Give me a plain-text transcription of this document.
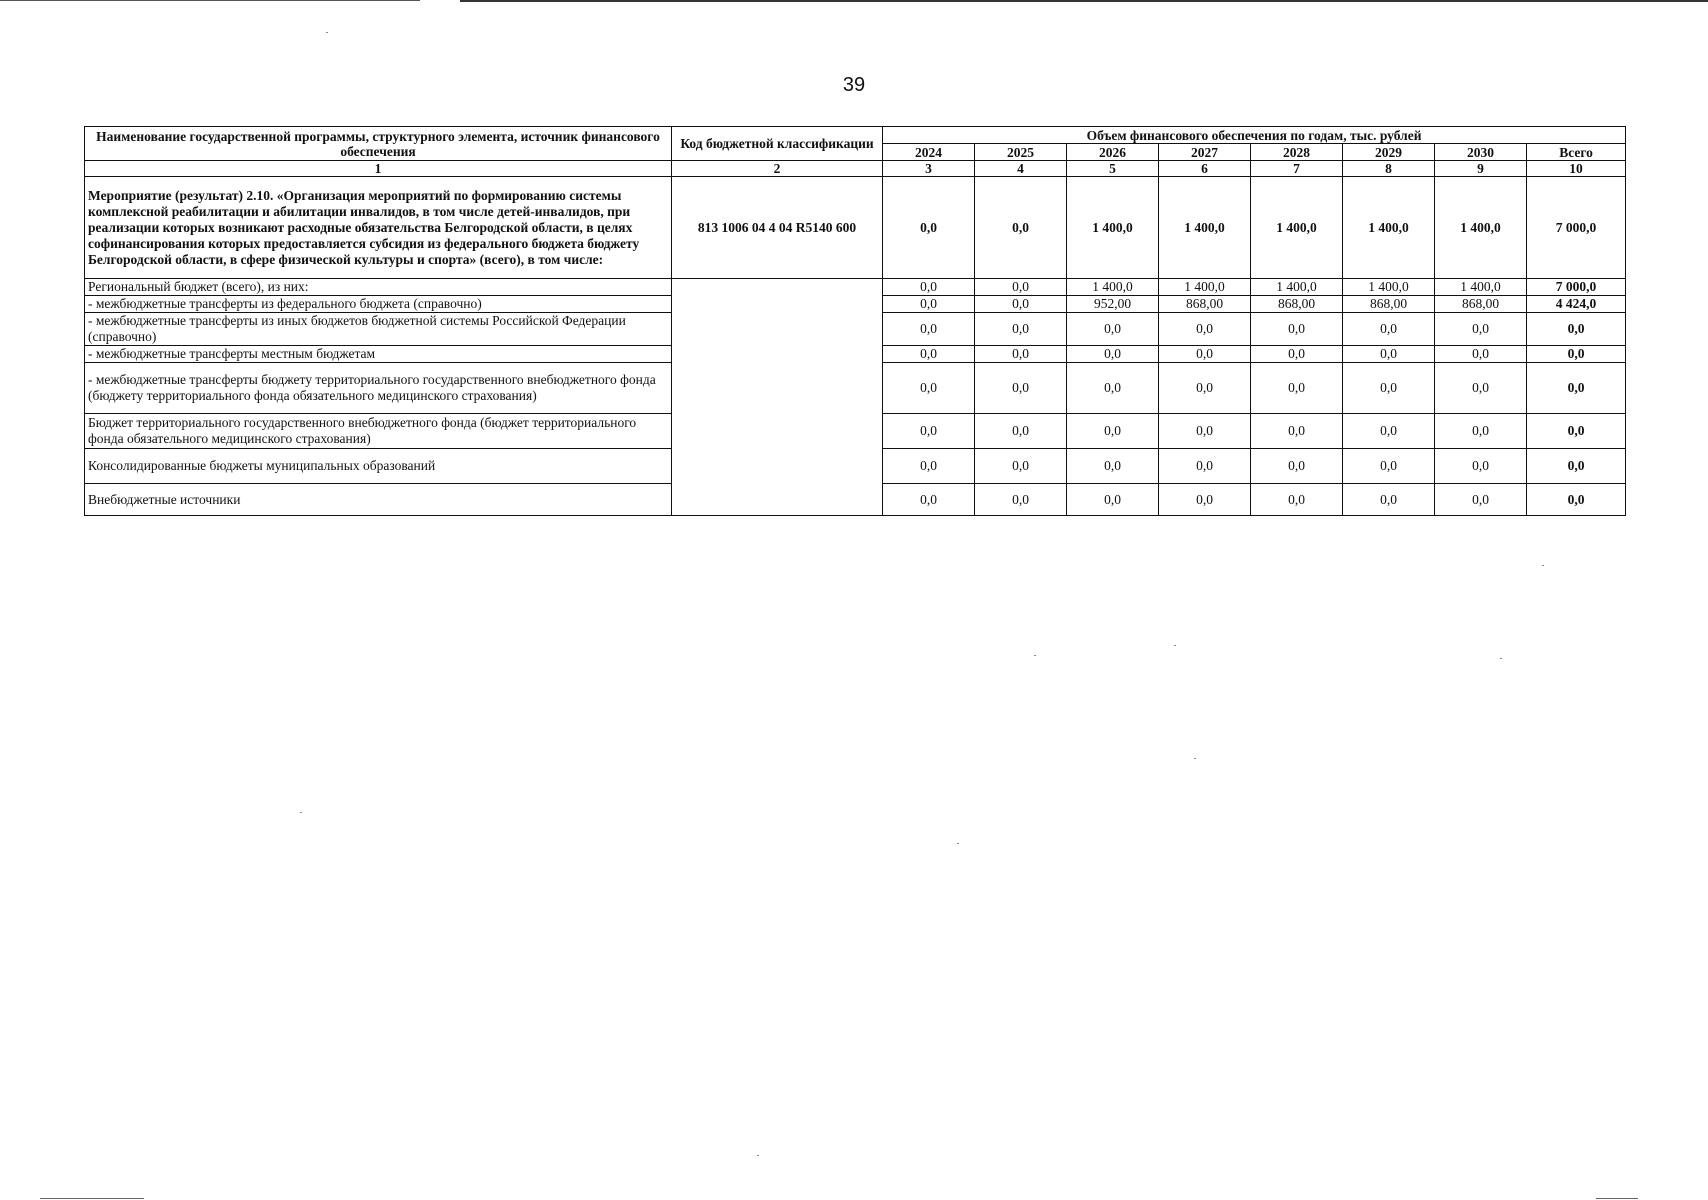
39
Наименование государственной программы, структурного элемента, источник финансового обеспечения	Код бюджетной классификации	Объем финансового обеспечения по годам, тыс. рублей							
		2024	2025	2026	2027	2028	2029	2030	Всего
1	2	3	4	5	6	7	8	9	10
Мероприятие (результат) 2.10. «Организация мероприятий по формированию системы комплексной реабилитации и абилитации инвалидов, в том числе детей-инвалидов, при реализации которых возникают расходные обязательства Белгородской области, в целях софинансирования которых предоставляется субсидия из федерального бюджета бюджету Белгородской области, в сфере физической культуры и спорта» (всего), в том числе:	813 1006 04 4 04 R5140 600	0,0	0,0	1 400,0	1 400,0	1 400,0	1 400,0	1 400,0	7 000,0
Региональный бюджет (всего), из них:		0,0	0,0	1 400,0	1 400,0	1 400,0	1 400,0	1 400,0	7 000,0
- межбюджетные трансферты из федерального бюджета (справочно)		0,0	0,0	952,00	868,00	868,00	868,00	868,00	4 424,0
- межбюджетные трансферты из иных бюджетов бюджетной системы Российской Федерации (справочно)		0,0	0,0	0,0	0,0	0,0	0,0	0,0	0,0
- межбюджетные трансферты местным бюджетам		0,0	0,0	0,0	0,0	0,0	0,0	0,0	0,0
- межбюджетные трансферты бюджету территориального государственного внебюджетного фонда (бюджету территориального фонда обязательного медицинского страхования)		0,0	0,0	0,0	0,0	0,0	0,0	0,0	0,0
Бюджет территориального государственного внебюджетного фонда (бюджет территориального фонда обязательного медицинского страхования)		0,0	0,0	0,0	0,0	0,0	0,0	0,0	0,0
Консолидированные бюджеты муниципальных образований		0,0	0,0	0,0	0,0	0,0	0,0	0,0	0,0
Внебюджетные источники		0,0	0,0	0,0	0,0	0,0	0,0	0,0	0,0
